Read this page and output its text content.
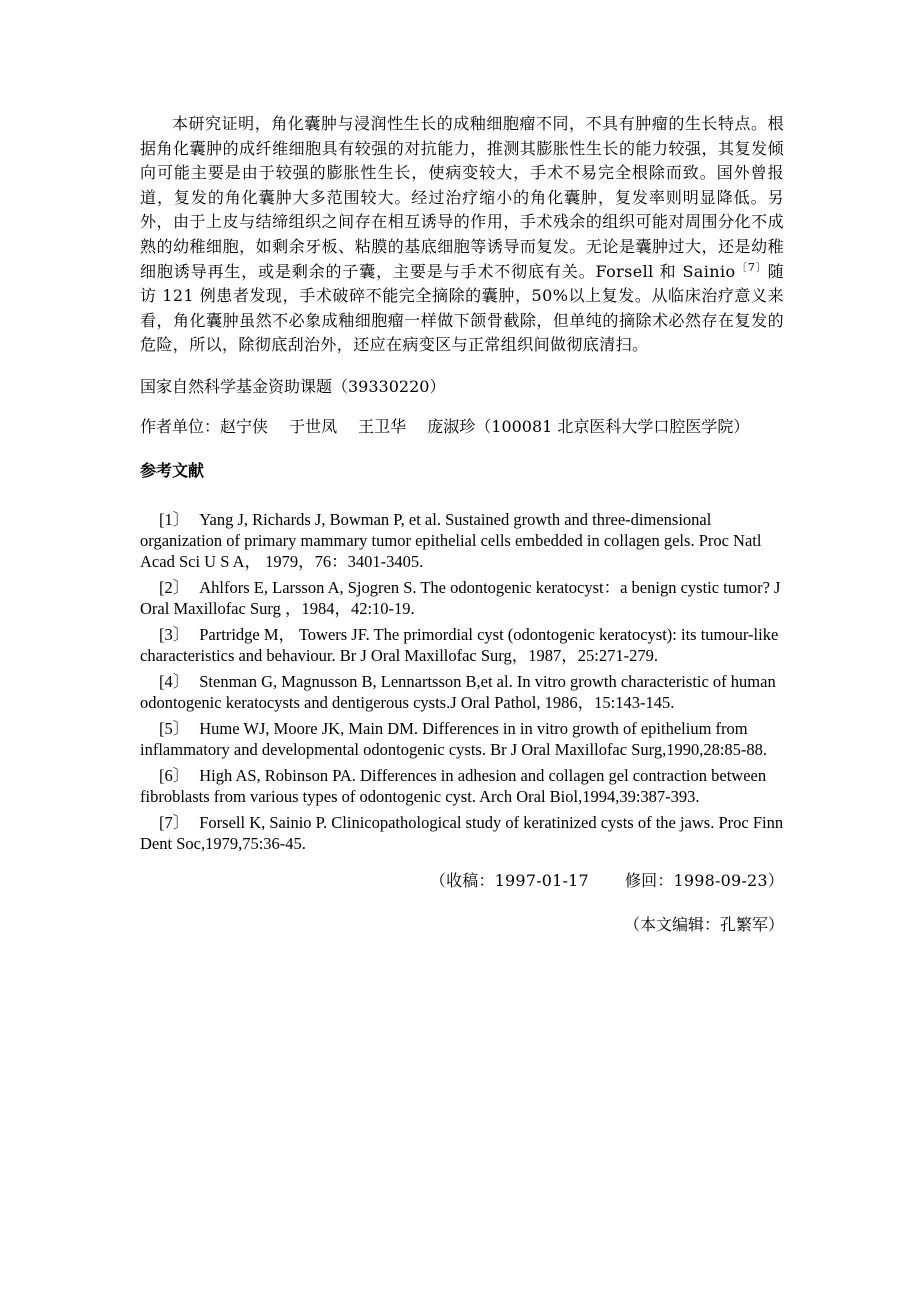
本研究证明，角化囊肿与浸润性生长的成釉细胞瘤不同，不具有肿瘤的生长特点。根据角化囊肿的成纤维细胞具有较强的对抗能力，推测其膨胀性生长的能力较强，其复发倾向可能主要是由于较强的膨胀性生长，使病变较大，手术不易完全根除而致。国外曾报道，复发的角化囊肿大多范围较大。经过治疗缩小的角化囊肿，复发率则明显降低。另外，由于上皮与结缔组织之间存在相互诱导的作用，手术残余的组织可能对周围分化不成熟的幼稚细胞，如剩余牙板、粘膜的基底细胞等诱导而复发。无论是囊肿过大，还是幼稚细胞诱导再生，或是剩余的子囊，主要是与手术不彻底有关。Forsell 和 Sainio$^{〔7〕}$随访 121 例患者发现，手术破碎不能完全摘除的囊肿，50%以上复发。从临床治疗意义来看，角化囊肿虽然不必象成釉细胞瘤一样做下颌骨截除，但单纯的摘除术必然存在复发的危险，所以，除彻底刮治外，还应在病变区与正常组织间做彻底清扫。

国家自然科学基金资助课题（39330220）

作者单位：赵宁侠　 于世凤　 王卫华　 庞淑珍（100081 北京医科大学口腔医学院）

参考文献
[1〕 Yang J, Richards J, Bowman P, et al. Sustained growth and three-dimensional organization of primary mammary tumor epithelial cells embedded in collagen gels. Proc Natl Acad Sci U S A， 1979，76：3401-3405.
[2〕 Ahlfors E, Larsson A, Sjogren S. The odontogenic keratocyst：a benign cystic tumor? J Oral Maxillofac Surg ，1984，42:10-19.
[3〕 Partridge M， Towers JF. The primordial cyst (odontogenic keratocyst): its tumour-like characteristics and behaviour. Br J Oral Maxillofac Surg，1987，25:271-279.
[4〕 Stenman G, Magnusson B, Lennartsson B,et al. In vitro growth characteristic of human odontogenic keratocysts and dentigerous cysts.J Oral Pathol, 1986，15:143-145.
[5〕 Hume WJ, Moore JK, Main DM. Differences in in vitro growth of epithelium from inflammatory and developmental odontogenic cysts. Br J Oral Maxillofac Surg,1990,28:85-88.
[6〕 High AS, Robinson PA. Differences in adhesion and collagen gel contraction between fibroblasts from various types of odontogenic cyst. Arch Oral Biol,1994,39:387-393.
[7〕 Forsell K, Sainio P. Clinicopathological study of keratinized cysts of the jaws. Proc Finn Dent Soc,1979,75:36-45.

（收稿：1997-01-17 修回：1998-09-23）

（本文编辑：孔繁军）
